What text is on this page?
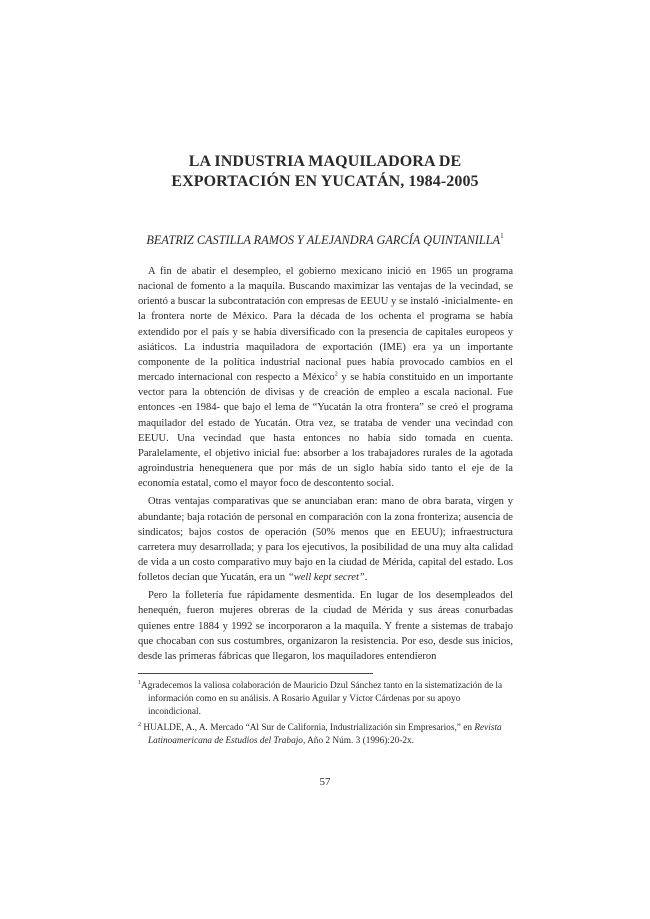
LA INDUSTRIA MAQUILADORA DE
EXPORTACIÓN EN YUCATÁN, 1984-2005
BEATRIZ CASTILLA RAMOS Y ALEJANDRA GARCÍA QUINTANILLA$^1$

A fin de abatir el desempleo, el gobierno mexicano inició en 1965 un programa nacional de fomento a la maquila. Buscando maximizar las ventajas de la vecindad, se orientó a buscar la subcontratación con empresas de EEUU y se instaló -inicialmente- en la frontera norte de México. Para la década de los ochenta el programa se había extendido por el país y se había diversificado con la presencia de capitales europeos y asiáticos. La industria maquiladora de exportación (IME) era ya un importante componente de la política industrial nacional pues había provocado cambios en el mercado internacional con respecto a México$^2$ y se había constituido en un importante vector para la obtención de divisas y de creación de empleo a escala nacional. Fue entonces -en 1984- que bajo el lema de “Yucatán la otra frontera” se creó el programa maquilador del estado de Yucatán. Otra vez, se trataba de vender una vecindad con EEUU. Una vecindad que hasta entonces no había sido tomada en cuenta. Paralelamente, el objetivo inicial fue: absorber a los trabajadores rurales de la agotada agroindustria henequenera que por más de un siglo había sido tanto el eje de la economía estatal, como el mayor foco de descontento social.

Otras ventajas comparativas que se anunciaban eran: mano de obra barata, virgen y abundante; baja rotación de personal en comparación con la zona fronteriza; ausencia de sindicatos; bajos costos de operación (50% menos que en EEUU); infraestructura carretera muy desarrollada; y para los ejecutivos, la posibilidad de una muy alta calidad de vida a un costo comparativo muy bajo en la ciudad de Mérida, capital del estado. Los folletos decían que Yucatán, era un “well kept secret”.

Pero la folletería fue rápidamente desmentida. En lugar de los desempleados del henequén, fueron mujeres obreras de la ciudad de Mérida y sus áreas conurbadas quienes entre 1884 y 1992 se incorporaron a la maquila. Y frente a sistemas de trabajo que chocaban con sus costumbres, organizaron la resistencia. Por eso, desde sus inicios, desde las primeras fábricas que llegaron, los maquiladores entendieron

$^1$Agradecemos la valiosa colaboración de Mauricio Dzul Sánchez tanto en la sistematización de la información como en su análisis. A Rosario Aguilar y Víctor Cárdenas por su apoyo incondicional.

$^2$ HUALDE, A., A. Mercado “Al Sur de California, Industrialización sin Empresarios,” en Revista Latinoamericana de Estudios del Trabajo, Año 2 Núm. 3 (1996):20-2x.

57
